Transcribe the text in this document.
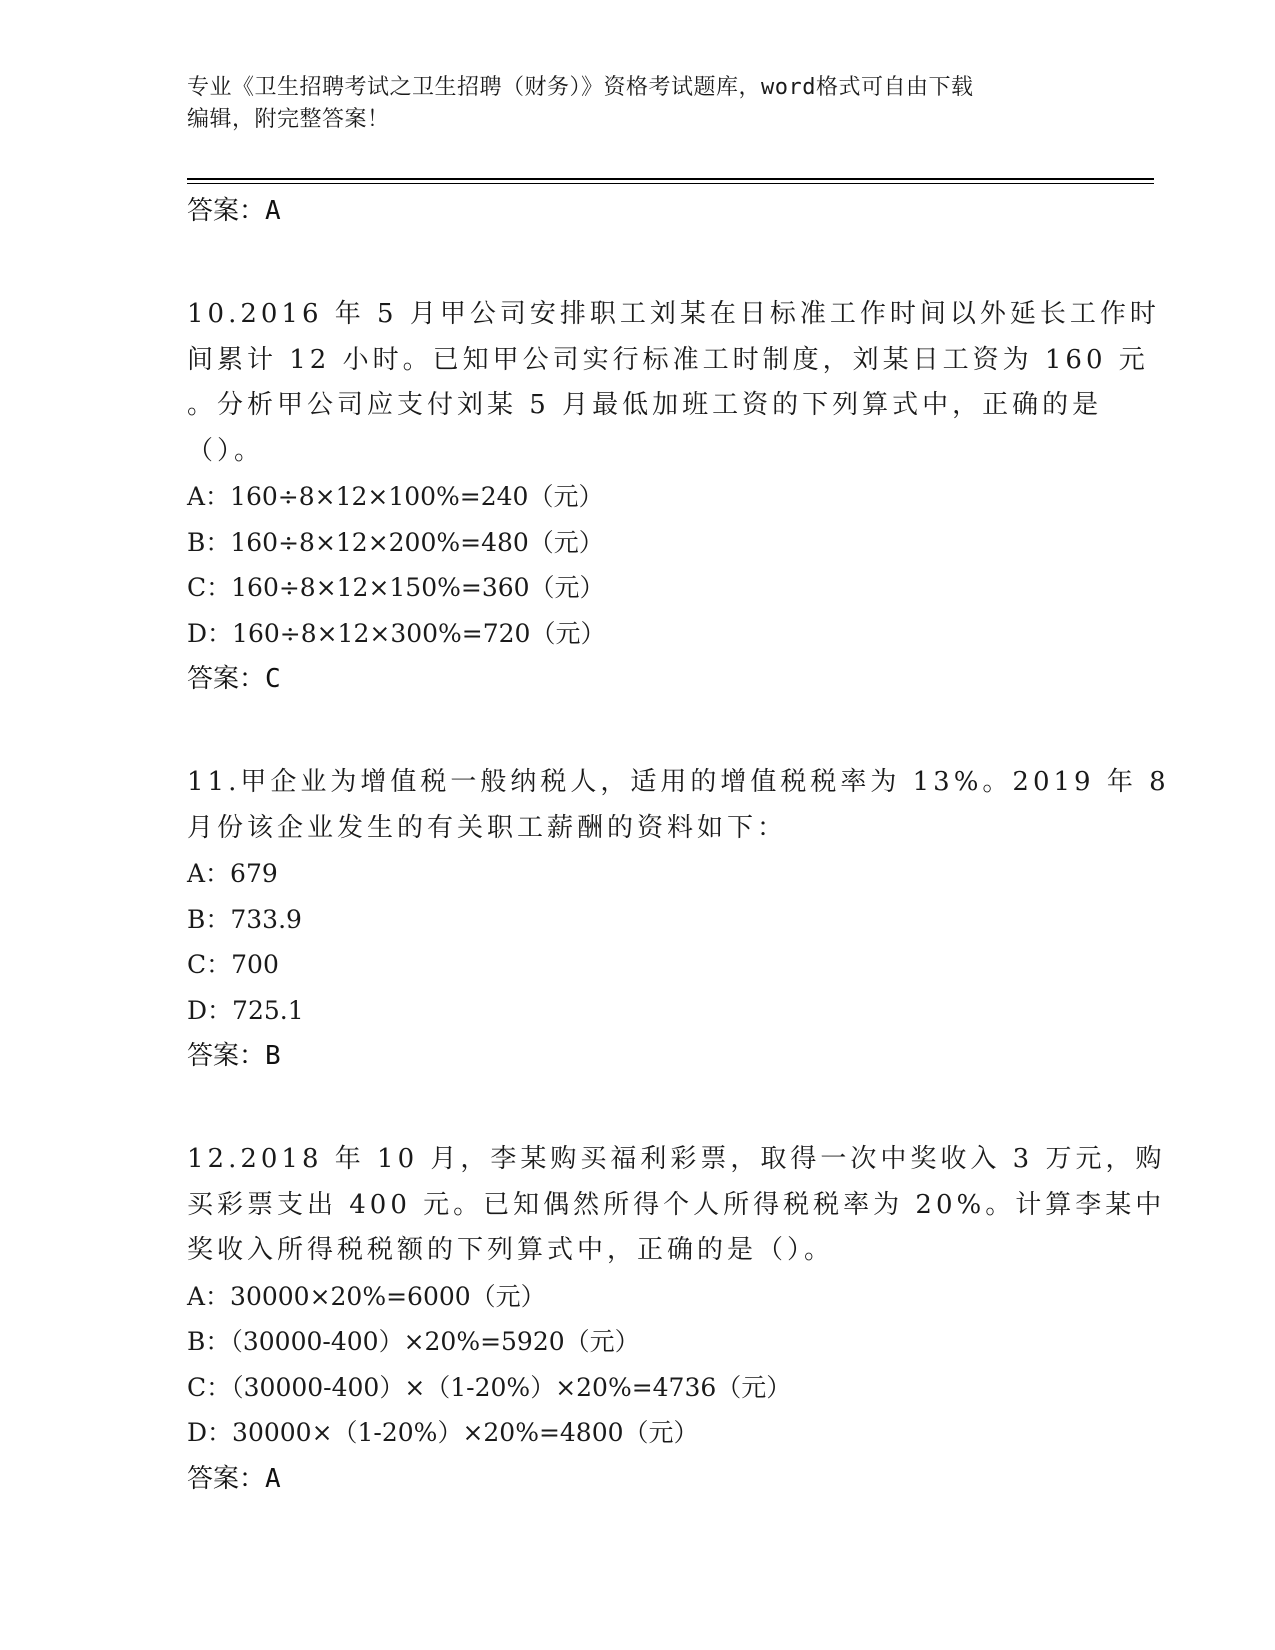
专业《卫生招聘考试之卫生招聘（财务）》资格考试题库，word格式可自由下载
编辑，附完整答案！
答案：A
10.2016 年 5 月甲公司安排职工刘某在日标准工作时间以外延长工作时
间累计 12 小时。已知甲公司实行标准工时制度，刘某日工资为 160 元
。分析甲公司应支付刘某 5 月最低加班工资的下列算式中，正确的是
（）。
A：160÷8×12×100%=240（元）
B：160÷8×12×200%=480（元）
C：160÷8×12×150%=360（元）
D：160÷8×12×300%=720（元）
答案：C
11.甲企业为增值税一般纳税人，适用的增值税税率为 13%。2019 年 8
月份该企业发生的有关职工薪酬的资料如下：
A：679
B：733.9
C：700
D：725.1
答案：B
12.2018 年 10 月，李某购买福利彩票，取得一次中奖收入 3 万元，购
买彩票支出 400 元。已知偶然所得个人所得税税率为 20%。计算李某中
奖收入所得税税额的下列算式中，正确的是（）。
A：30000×20%=6000（元）
B：（30000-400）×20%=5920（元）
C：（30000-400）×（1-20%）×20%=4736（元）
D：30000×（1-20%）×20%=4800（元）
答案：A
